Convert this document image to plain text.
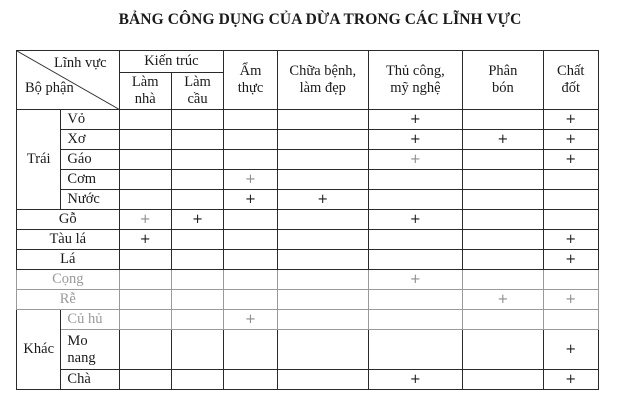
BẢNG CÔNG DỤNG CỦA DỪA TRONG CÁC LĨNH VỰC
Lĩnh vực
Bộ phận		Kiến trúc		Ẩm thực	Chữa bệnh, làm đẹp	Thủ công, mỹ nghệ	Phân bón	Chất đốt

		Làm nhà	Làm cầu					

Trái	Vỏ					+		+
	Xơ					+	+	+
	Gáo					+		+
	Cơm			+				
	Nước			+	+			
Gỗ		+	+			+		
Tàu lá		+						+
Lá								+
Cọng						+		
Rễ							+	+
Khác	Củ hủ			+				

	Mo nang							+
	Chà					+		+
